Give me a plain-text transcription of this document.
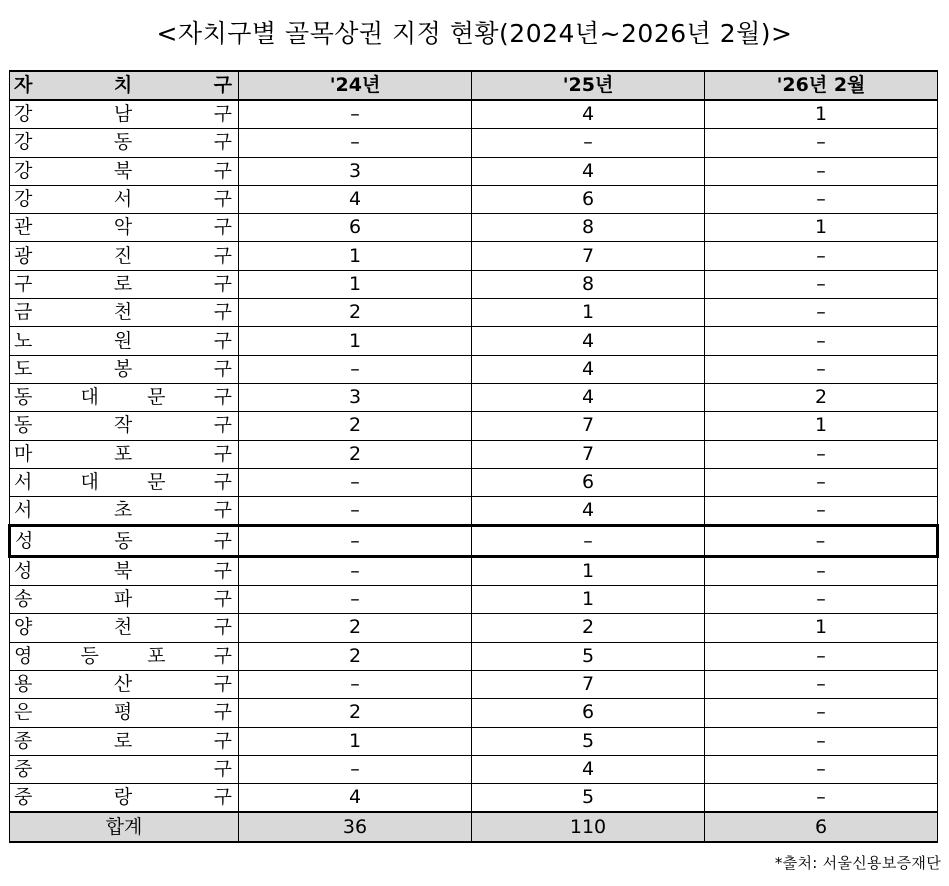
<자치구별 골목상권 지정 현황(2024년~2026년 2월)>
자 치 구	'24년	'25년	'26년 2월

강 남 구	–	4	1

강 동 구	–	–	–

강 북 구	3	4	–

강 서 구	4	6	–

관 악 구	6	8	1

광 진 구	1	7	–

구 로 구	1	8	–

금 천 구	2	1	–

노 원 구	1	4	–

도 봉 구	–	4	–

동 대 문 구	3	4	2

동 작 구	2	7	1

마 포 구	2	7	–

서 대 문 구	–	6	–

서 초 구	–	4	–

성 동 구	–	–	–

성 북 구	–	1	–

송 파 구	–	1	–

양 천 구	2	2	1

영 등 포 구	2	5	–

용 산 구	–	7	–

은 평 구	2	6	–

종 로 구	1	5	–

중 구	–	4	–

중 랑 구	4	5	–
합계	36	110	6
*출처: 서울신용보증재단
